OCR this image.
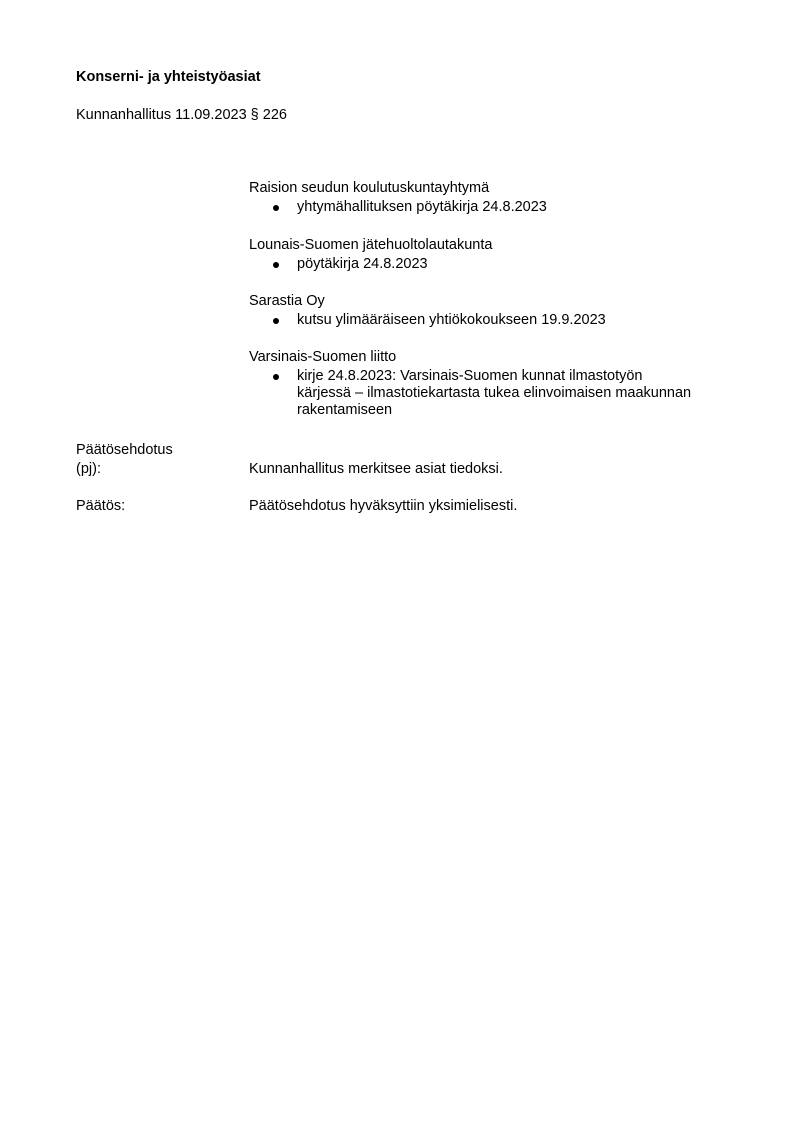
Konserni- ja yhteistyöasiat
Kunnanhallitus 11.09.2023 § 226
Raision seudun koulutuskuntayhtymä
yhtymähallituksen pöytäkirja 24.8.2023
Lounais-Suomen jätehuoltolautakunta
pöytäkirja 24.8.2023
Sarastia Oy
kutsu ylimääräiseen yhtiökokoukseen 19.9.2023
Varsinais-Suomen liitto
kirje 24.8.2023: Varsinais-Suomen kunnat ilmastotyön
kärjessä – ilmastotiekartasta tukea elinvoimaisen maakunnan
rakentamiseen
Päätösehdotus
(pj):	Kunnanhallitus merkitsee asiat tiedoksi.
Päätös:	Päätösehdotus hyväksyttiin yksimielisesti.
